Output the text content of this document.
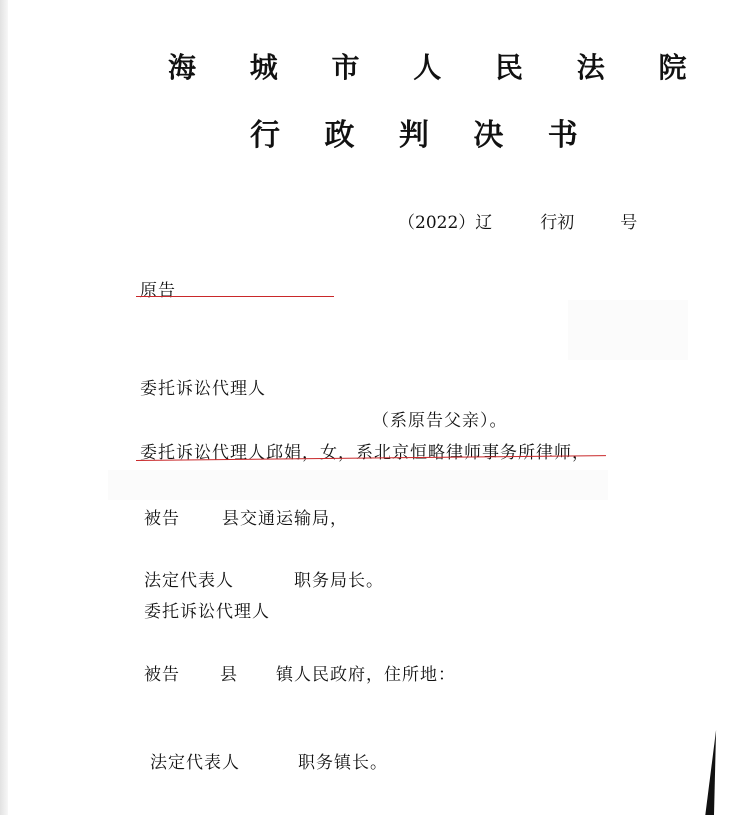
海 城 市 人 民 法 院
行 政 判 决 书
（2022）辽	行初	号
原告
委托诉讼代理人
（系原告父亲）。
委托诉讼代理人邱娟，女，系北京恒略律师事务所律师，
被告 县交通运输局，
法定代表人	职务局长。
委托诉讼代理人
被告 县 镇人民政府，住所地：
法定代表人	职务镇长。
